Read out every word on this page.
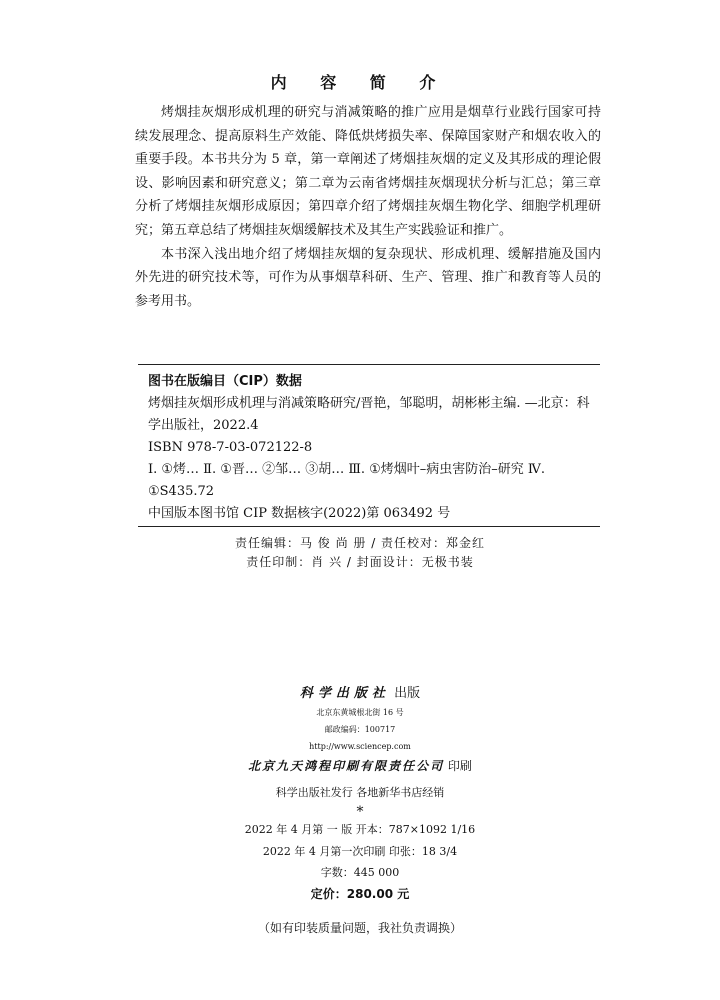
内 容 简 介

烤烟挂灰烟形成机理的研究与消减策略的推广应用是烟草行业践行国家可持续发展理念、提高原料生产效能、降低烘烤损失率、保障国家财产和烟农收入的重要手段。本书共分为 5 章，第一章阐述了烤烟挂灰烟的定义及其形成的理论假设、影响因素和研究意义；第二章为云南省烤烟挂灰烟现状分析与汇总；第三章分析了烤烟挂灰烟形成原因；第四章介绍了烤烟挂灰烟生物化学、细胞学机理研究；第五章总结了烤烟挂灰烟缓解技术及其生产实践验证和推广。

本书深入浅出地介绍了烤烟挂灰烟的复杂现状、形成机理、缓解措施及国内外先进的研究技术等，可作为从事烟草科研、生产、管理、推广和教育等人员的参考用书。

图书在版编目（CIP）数据
烤烟挂灰烟形成机理与消减策略研究/晋艳，邹聪明，胡彬彬主编. —北京：科学出版社，2022.4
ISBN 978-7-03-072122-8
Ⅰ. ①烤… Ⅱ. ①晋… ②邹… ③胡… Ⅲ. ①烤烟叶–病虫害防治–研究 Ⅳ. ①S435.72
中国版本图书馆 CIP 数据核字(2022)第 063492 号
责任编辑：马 俊 尚 册 / 责任校对：郑金红
责任印制：肖 兴 / 封面设计：无极书装
科学出版社 出版
北京东黄城根北街 16 号
邮政编码：100717
http://www.sciencep.com
北京九天鸿程印刷有限责任公司 印刷
科学出版社发行 各地新华书店经销
*
2022 年 4 月第 一 版 开本：787×1092 1/16
2022 年 4 月第一次印刷 印张：18 3/4
字数：445 000
定价：280.00 元
（如有印装质量问题，我社负责调换）
